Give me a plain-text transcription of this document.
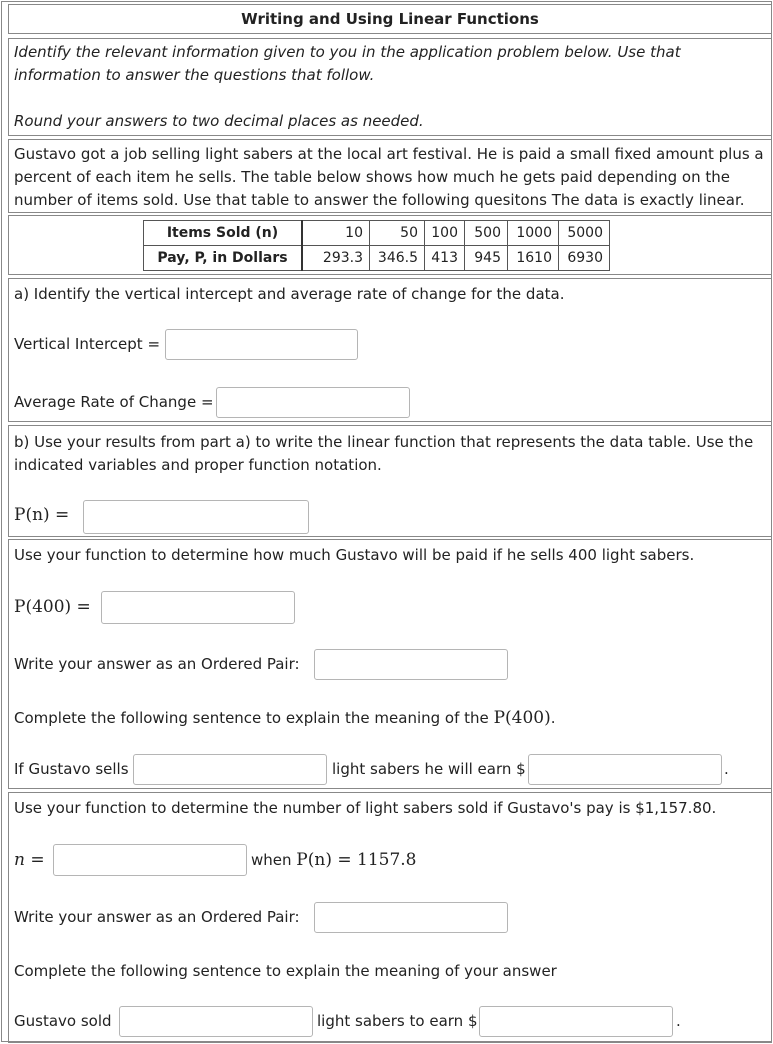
Writing and Using Linear Functions
Identify the relevant information given to you in the application problem below. Use that information to answer the questions that follow.
Round your answers to two decimal places as needed.
Gustavo got a job selling light sabers at the local art festival. He is paid a small fixed amount plus a percent of each item he sells. The table below shows how much he gets paid depending on the number of items sold. Use that table to answer the following quesitons The data is exactly linear.
Items Sold (n)	10	50	100	500	1000	5000
Pay, P, in Dollars	293.3	346.5	413	945	1610	6930
a) Identify the vertical intercept and average rate of change for the data.
Vertical Intercept =
Average Rate of Change =
b) Use your results from part a) to write the linear function that represents the data table. Use the indicated variables and proper function notation.
P(n) =
Use your function to determine how much Gustavo will be paid if he sells 400 light sabers.
P(400) =
Write your answer as an Ordered Pair:
Complete the following sentence to explain the meaning of the P(400).
If Gustavo sells	light sabers he will earn $	.
Use your function to determine the number of light sabers sold if Gustavo's pay is $1,157.80.
n =	when P(n) = 1157.8
Write your answer as an Ordered Pair:
Complete the following sentence to explain the meaning of your answer
Gustavo sold	light sabers to earn $	.
